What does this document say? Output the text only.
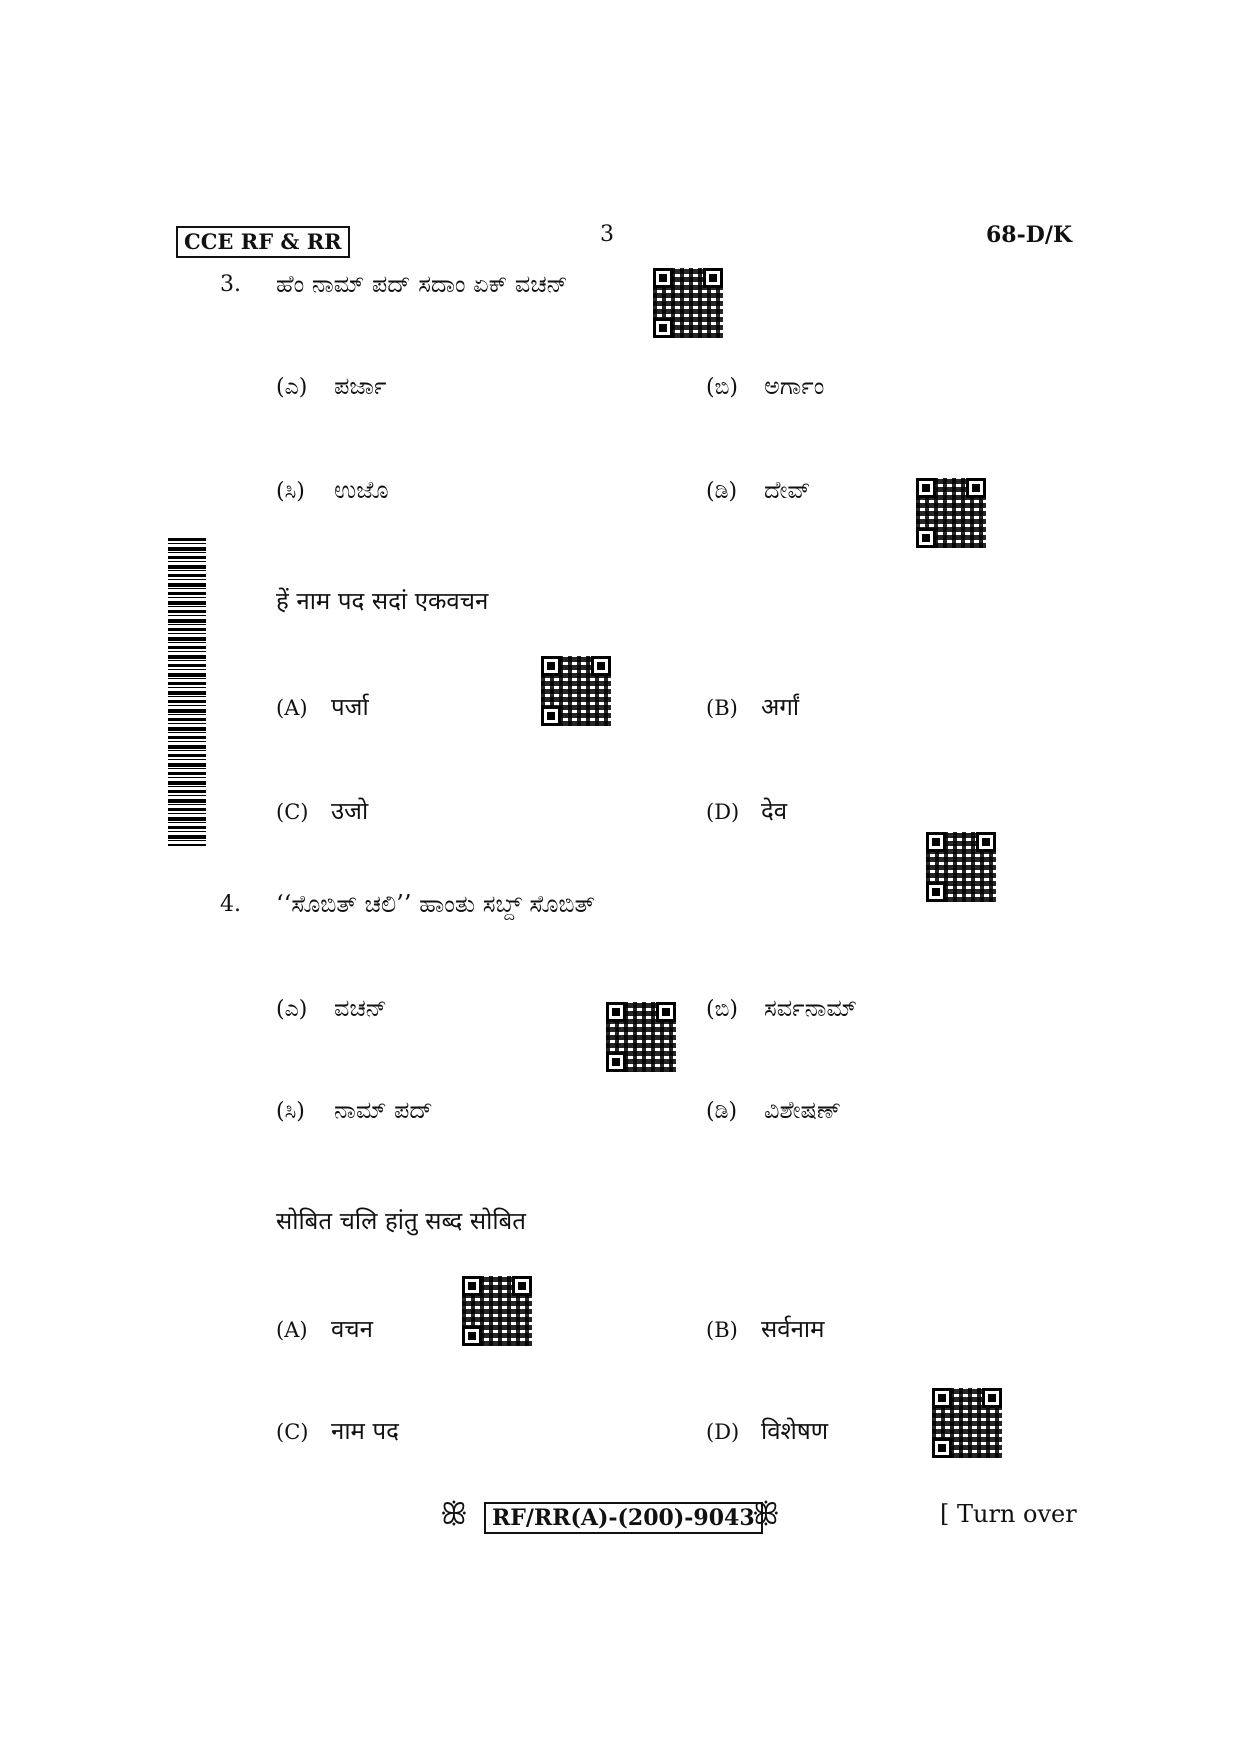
CCE RF & RR	3	68-D/K
3. ಹೆಂ ನಾಮ್ ಪದ್ ಸದಾಂ ಏಕ್ ವಚನ್
(ಎ) ಪರ್ಜಾ	(ಬಿ) ಅರ್ಗಾಂ
(ಸಿ) ಉಜೊ	(ಡಿ) ದೇವ್
हें नाम पद सदां एकवचन
(A) पर्जा	(B) अर्गां
(C) उजो	(D) देव
4. ‘‘ಸೊಬಿತ್ ಚಲಿ’’ ಹಾಂತು ಸಬ್ದ್ ಸೊಬಿತ್
(ಎ) ವಚನ್	(ಬಿ) ಸರ್ವನಾಮ್
(ಸಿ) ನಾಮ್ ಪದ್	(ಡಿ) ವಿಶೇಷಣ್
सोबित चलि हांतु सब्द सोबित
(A) वचन	(B) सर्वनाम
(C) नाम पद	(D) विशेषण
ꕥ	RF/RR(A)-(200)-9043
ꕥ	[ Turn over
